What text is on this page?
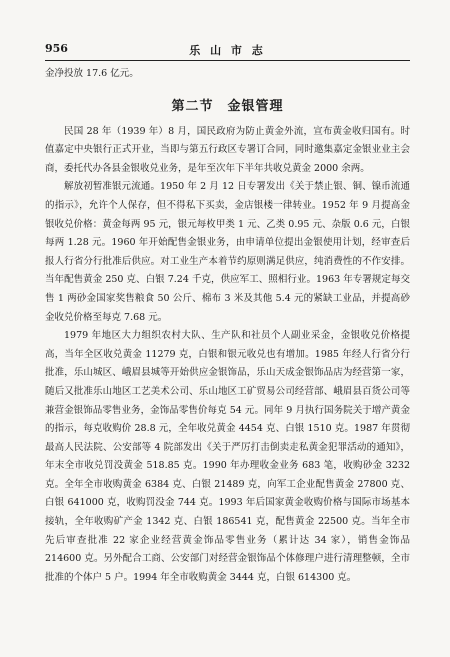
956	乐 山 市 志

金净投放 17.6 亿元。

第二节　金银管理

民国 28 年（1939 年）8 月，国民政府为防止黄金外流，宣布黄金收归国有。时值嘉定中央银行正式开业，当即与第五行政区专署订合同，同时邀集嘉定金银业业主会商，委托代办各县金银收兑业务，是年至次年下半年共收兑黄金 2000 余两。

解放初暂准银元流通。1950 年 2 月 12 日专署发出《关于禁止银、铜、镍币流通的指示》，允许个人保存，但不得私下买卖，金店银楼一律转业。1952 年 9 月提高金银收兑价格：黄金每两 95 元，银元每枚甲类 1 元、乙类 0.95 元、杂版 0.6 元，白银每两 1.28 元。1960 年开始配售金银业务，由申请单位提出金银使用计划，经审查后报人行省分行批准后供应。对工业生产本着节约原则满足供应，纯消费性的不作安排。当年配售黄金 250 克、白银 7.24 千克，供应军工、照相行业。1963 年专署规定每交售 1 两砂金国家奖售粮食 50 公斤、棉布 3 米及其他 5.4 元的紧缺工业品，并提高砂金收兑价格至每克 7.68 元。

1979 年地区大力组织农村大队、生产队和社员个人副业采金，金银收兑价格提高，当年全区收兑黄金 11279 克，白银和银元收兑也有增加。1985 年经人行省分行批准，乐山城区、峨眉县城等开始供应金银饰品，乐山天成金银饰品店为经营第一家，随后又批准乐山地区工艺美术公司、乐山地区工矿贸易公司经营部、峨眉县百货公司等兼营金银饰品零售业务，金饰品零售价每克 54 元。同年 9 月执行国务院关于增产黄金的指示，每克收购价 28.8 元，全年收兑黄金 4454 克、白银 1510 克。1987 年贯彻最高人民法院、公安部等 4 院部发出《关于严厉打击倒卖走私黄金犯罪活动的通知》，年末全市收兑罚没黄金 518.85 克。1990 年办理收金业务 683 笔，收购砂金 3232 克。全年全市收购黄金 6384 克、白银 21489 克，向军工企业配售黄金 27800 克、白银 641000 克，收购罚没金 744 克。1993 年后国家黄金收购价格与国际市场基本接轨，全年收购矿产金 1342 克、白银 186541 克，配售黄金 22500 克。当年全市先后审查批准 22 家企业经营黄金饰品零售业务（累计达 34 家），销售金饰品 214600 克。另外配合工商、公安部门对经营金银饰品个体修理户进行清理整顿，全市批准的个体户 5 户。1994 年全市收购黄金 3444 克，白银 614300 克。
